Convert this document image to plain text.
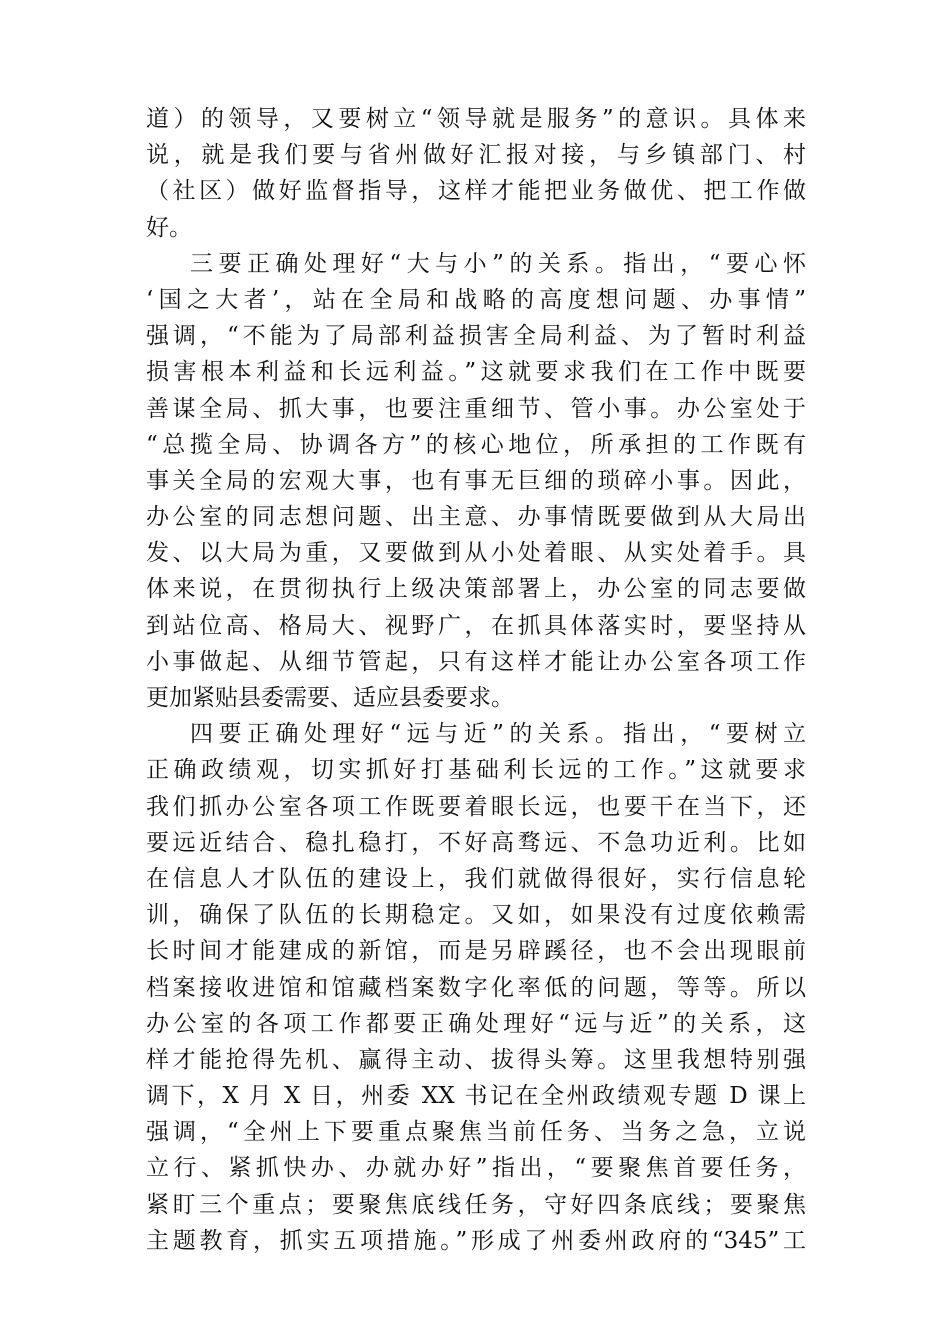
道）的领导，又要树立“领导就是服务”的意识。具体来
说，就是我们要与省州做好汇报对接，与乡镇部门、村
（社区）做好监督指导，这样才能把业务做优、把工作做
好。
三要正确处理好“大与小”的关系。指出，“要心怀
‘国之大者’，站在全局和战略的高度想问题、办事情”
强调，“不能为了局部利益损害全局利益、为了暂时利益
损害根本利益和长远利益。”这就要求我们在工作中既要
善谋全局、抓大事，也要注重细节、管小事。办公室处于
“总揽全局、协调各方”的核心地位，所承担的工作既有
事关全局的宏观大事，也有事无巨细的琐碎小事。因此，
办公室的同志想问题、出主意、办事情既要做到从大局出
发、以大局为重，又要做到从小处着眼、从实处着手。具
体来说，在贯彻执行上级决策部署上，办公室的同志要做
到站位高、格局大、视野广，在抓具体落实时，要坚持从
小事做起、从细节管起，只有这样才能让办公室各项工作
更加紧贴县委需要、适应县委要求。
四要正确处理好“远与近”的关系。指出，“要树立
正确政绩观，切实抓好打基础利长远的工作。”这就要求
我们抓办公室各项工作既要着眼长远，也要干在当下，还
要远近结合、稳扎稳打，不好高骛远、不急功近利。比如
在信息人才队伍的建设上，我们就做得很好，实行信息轮
训，确保了队伍的长期稳定。又如，如果没有过度依赖需
长时间才能建成的新馆，而是另辟蹊径，也不会出现眼前
档案接收进馆和馆藏档案数字化率低的问题，等等。所以
办公室的各项工作都要正确处理好“远与近”的关系，这
样才能抢得先机、赢得主动、拔得头筹。这里我想特别强
调下，X 月 X 日，州委 XX 书记在全州政绩观专题 D 课上
强调，“全州上下要重点聚焦当前任务、当务之急，立说
立行、紧抓快办、办就办好”指出，“要聚焦首要任务，
紧盯三个重点；要聚焦底线任务，守好四条底线；要聚焦
主题教育，抓实五项措施。”形成了州委州政府的“345”工
